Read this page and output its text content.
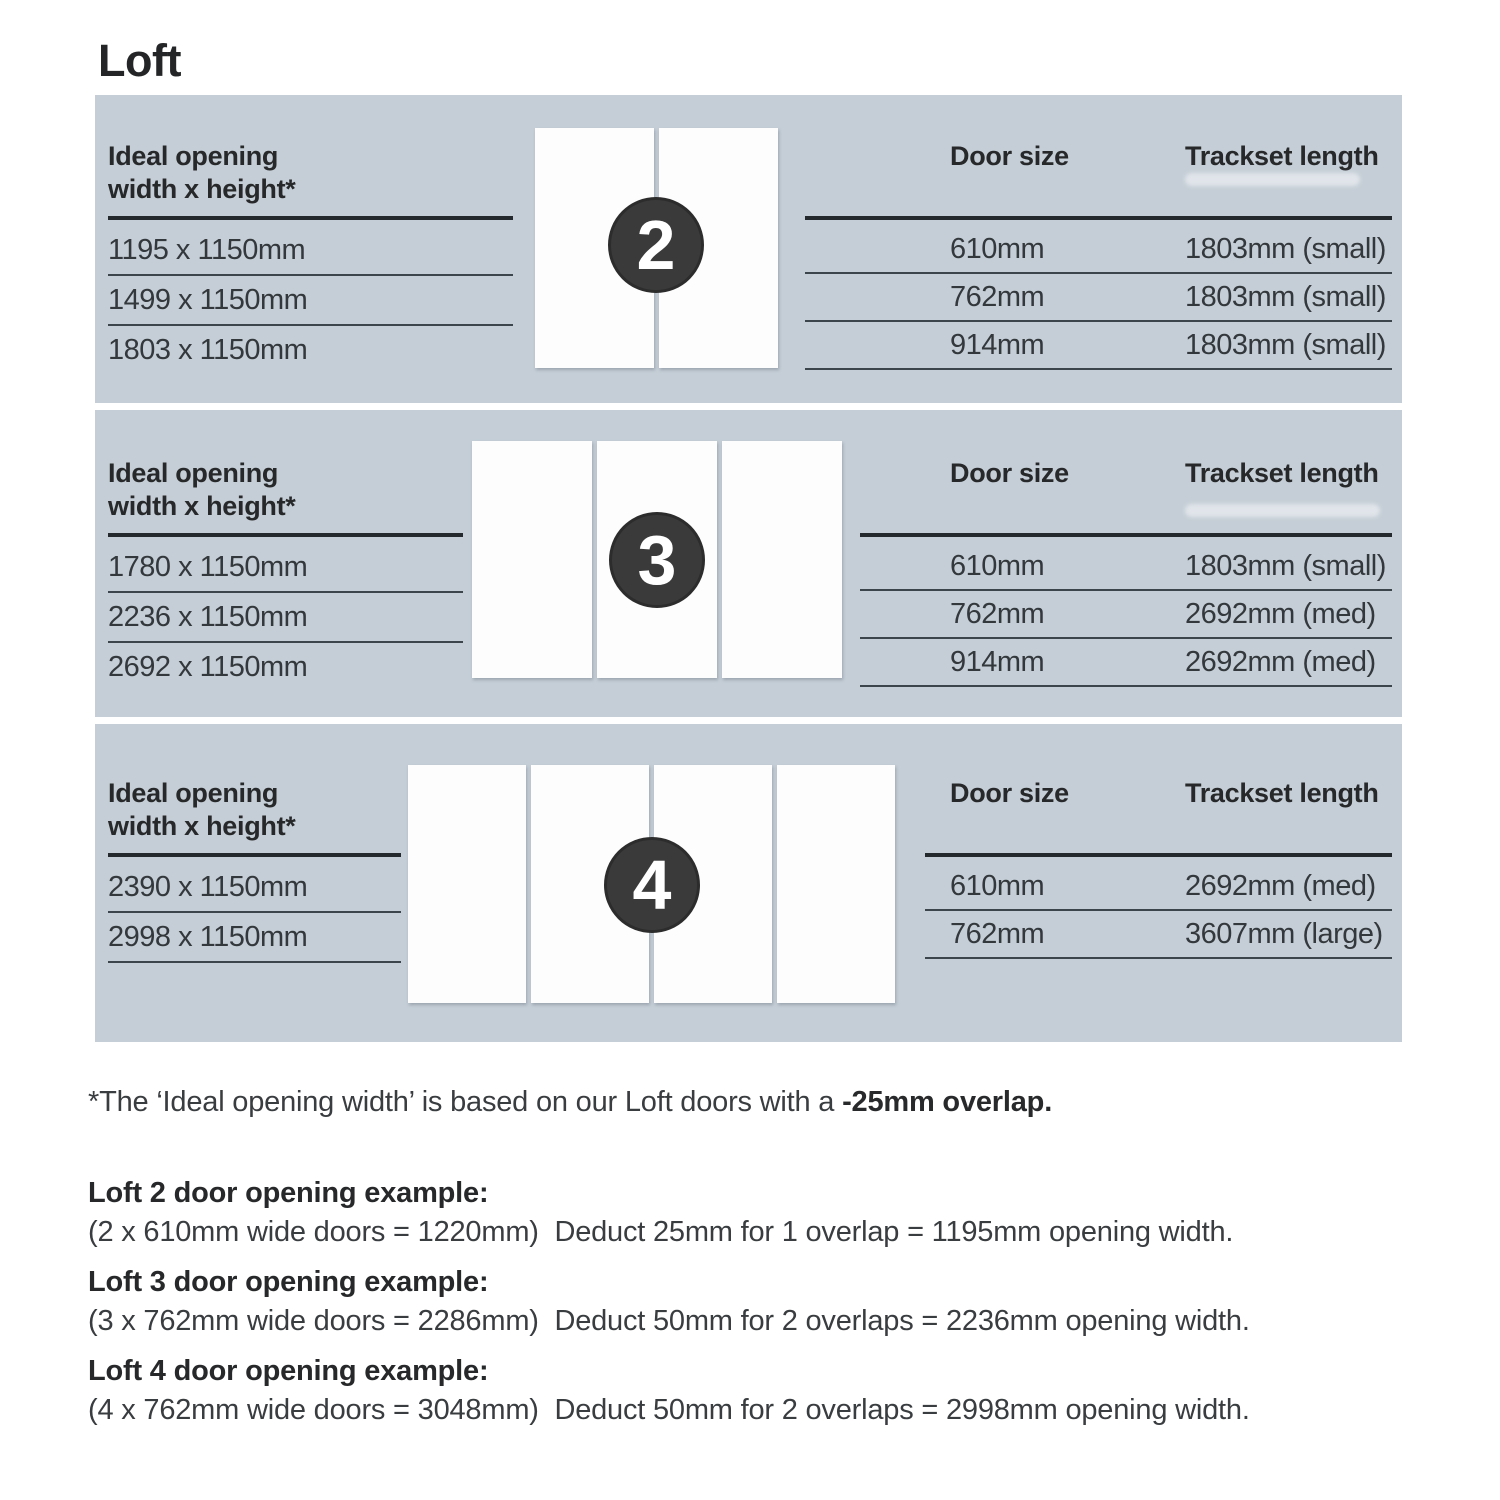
Loft
Ideal opening
width x height*
1195 x 1150mm
1499 x 1150mm
1803 x 1150mm
2
Door size	Trackset length
610mm	1803mm (small)
762mm	1803mm (small)
914mm	1803mm (small)
Ideal opening
width x height*
1780 x 1150mm
2236 x 1150mm
2692 x 1150mm
3
Door size	Trackset length
610mm	1803mm (small)
762mm	2692mm (med)
914mm	2692mm (med)
Ideal opening
width x height*
2390 x 1150mm
2998 x 1150mm
4
Door size	Trackset length
610mm	2692mm (med)
762mm	3607mm (large)

*The ‘Ideal opening width’ is based on our Loft doors with a -25mm overlap.

Loft 2 door opening example:
(2 x 610mm wide doors = 1220mm)  Deduct 25mm for 1 overlap = 1195mm opening width.
Loft 3 door opening example:
(3 x 762mm wide doors = 2286mm)  Deduct 50mm for 2 overlaps = 2236mm opening width.
Loft 4 door opening example:
(4 x 762mm wide doors = 3048mm)  Deduct 50mm for 2 overlaps = 2998mm opening width.
